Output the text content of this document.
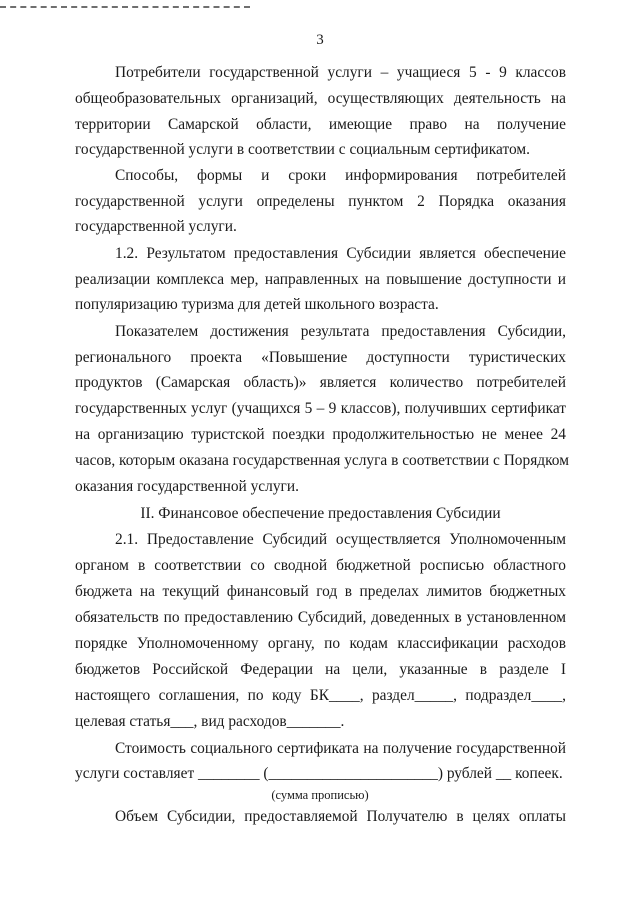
3
Потребители государственной услуги – учащиеся 5 - 9 классов
общеобразовательных организаций, осуществляющих деятельность на
территории Самарской области, имеющие право на получение
государственной услуги в соответствии с социальным сертификатом.
Способы, формы и сроки информирования потребителей
государственной услуги определены пунктом 2 Порядка оказания
государственной услуги.
1.2. Результатом предоставления Субсидии является обеспечение
реализации комплекса мер, направленных на повышение доступности и
популяризацию туризма для детей школьного возраста.
Показателем достижения результата предоставления Субсидии,
регионального проекта «Повышение доступности туристических
продуктов (Самарская область)» является количество потребителей
государственных услуг (учащихся 5 – 9 классов), получивших сертификат
на организацию туристской поездки продолжительностью не менее 24
часов, которым оказана государственная услуга в соответствии с Порядком
оказания государственной услуги.
II. Финансовое обеспечение предоставления Субсидии
2.1. Предоставление Субсидий осуществляется Уполномоченным
органом в соответствии со сводной бюджетной росписью областного
бюджета на текущий финансовый год в пределах лимитов бюджетных
обязательств по предоставлению Субсидий, доведенных в установленном
порядке Уполномоченному органу, по кодам классификации расходов
бюджетов Российской Федерации на цели, указанные в разделе I
настоящего соглашения, по коду БК____, раздел_____, подраздел____,
целевая статья___, вид расходов_______.
Стоимость социального сертификата на получение государственной
услуги составляет ________ (______________________) рублей __ копеек.
(сумма прописью)
Объем Субсидии, предоставляемой Получателю в целях оплаты
